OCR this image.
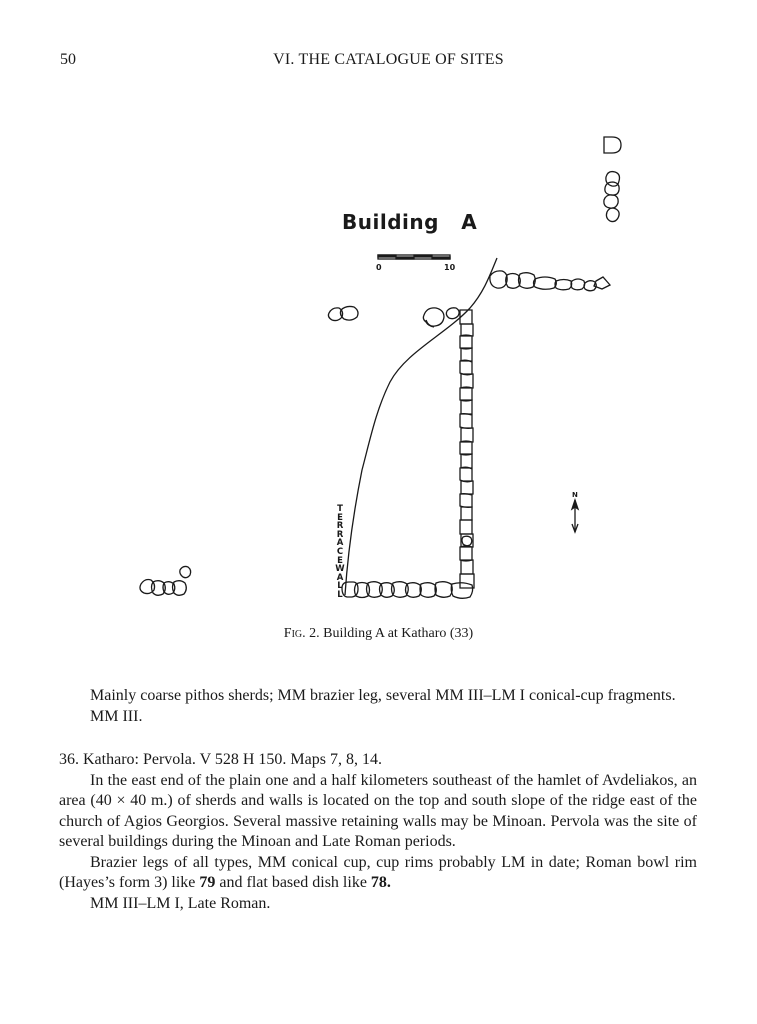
50	VI. THE CATALOGUE OF SITES
Building   A
0	10
N
TERRACEWALL
Fig. 2. Building A at Katharo (33)

Mainly coarse pithos sherds; MM brazier leg, several MM III–LM I conical-cup fragments.

MM III.

36. Katharo: Pervola. V 528 H 150. Maps 7, 8, 14.

In the east end of the plain one and a half kilometers southeast of the hamlet of Avdeliakos, an area (40 × 40 m.) of sherds and walls is located on the top and south slope of the ridge east of the church of Agios Georgios. Several massive retaining walls may be Minoan. Pervola was the site of several buildings during the Minoan and Late Roman periods.

Brazier legs of all types, MM conical cup, cup rims probably LM in date; Roman bowl rim (Hayes’s form 3) like 79 and flat based dish like 78.

MM III–LM I, Late Roman.
